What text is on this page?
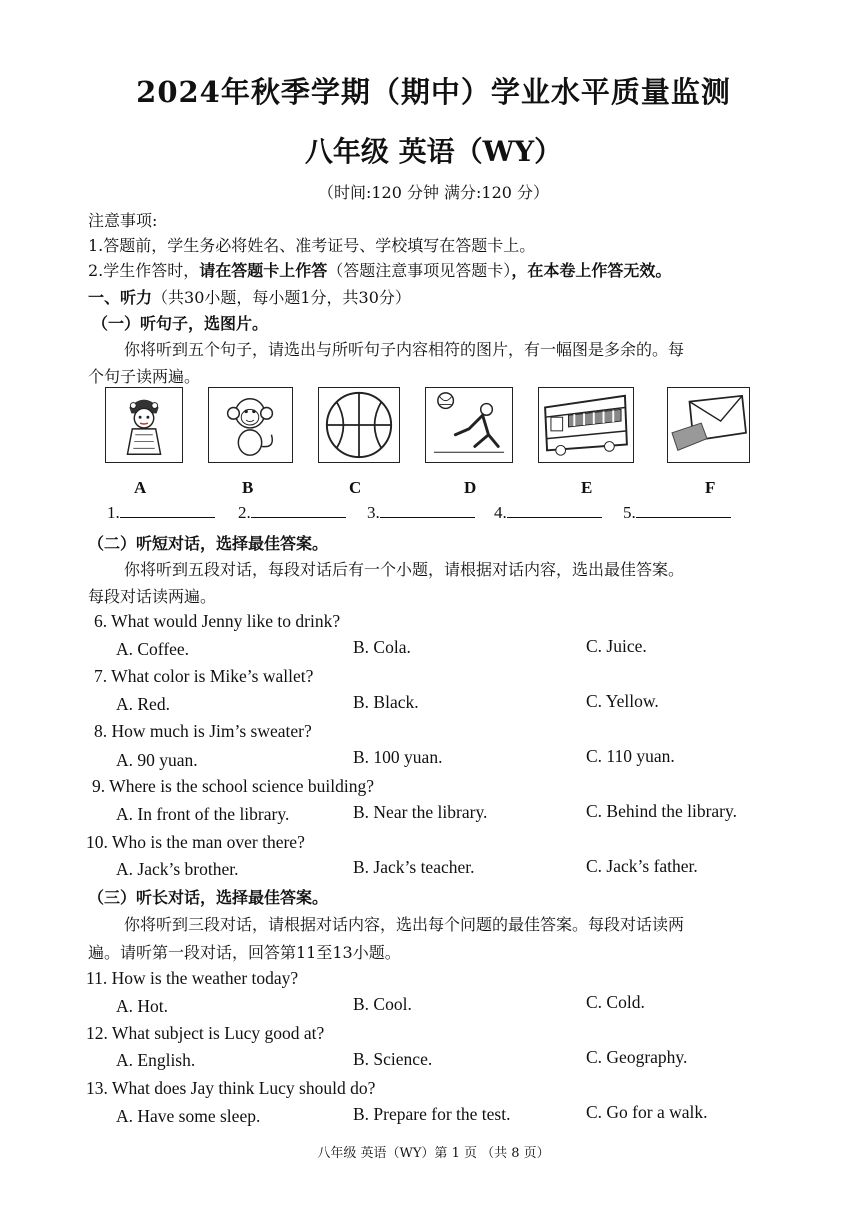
2024年秋季学期（期中）学业水平质量监测
八年级 英语（WY）
（时间:120 分钟 满分:120 分）
注意事项:
1.答题前，学生务必将姓名、准考证号、学校填写在答题卡上。
2.学生作答时，请在答题卡上作答（答题注意事项见答题卡），在本卷上作答无效。
一、听力（共30小题，每小题1分，共30分）
（一）听句子，选图片。
你将听到五个句子，请选出与所听句子内容相符的图片，有一幅图是多余的。每
个句子读两遍。
A	B	C	D	E	F
1.	2.	3.	4.	5.
（二）听短对话，选择最佳答案。
你将听到五段对话，每段对话后有一个小题，请根据对话内容，选出最佳答案。
每段对话读两遍。
6. What would Jenny like to drink?
A. Coffee.	B. Cola.	C. Juice.
7. What color is Mike’s wallet?
A. Red.	B. Black.	C. Yellow.
8. How much is Jim’s sweater?
A. 90 yuan.	B. 100 yuan.	C. 110 yuan.
9. Where is the school science building?
A. In front of the library.	B. Near the library.	C. Behind the library.
10. Who is the man over there?
A. Jack’s brother.	B. Jack’s teacher.	C. Jack’s father.
（三）听长对话，选择最佳答案。
你将听到三段对话，请根据对话内容，选出每个问题的最佳答案。每段对话读两
遍。请听第一段对话，回答第11至13小题。
11. How is the weather today?
A. Hot.	B. Cool.	C. Cold.
12. What subject is Lucy good at?
A. English.	B. Science.	C. Geography.
13. What does Jay think Lucy should do?
A. Have some sleep.	B. Prepare for the test.	C. Go for a walk.
八年级 英语（WY）第 1 页 （共 8 页）
